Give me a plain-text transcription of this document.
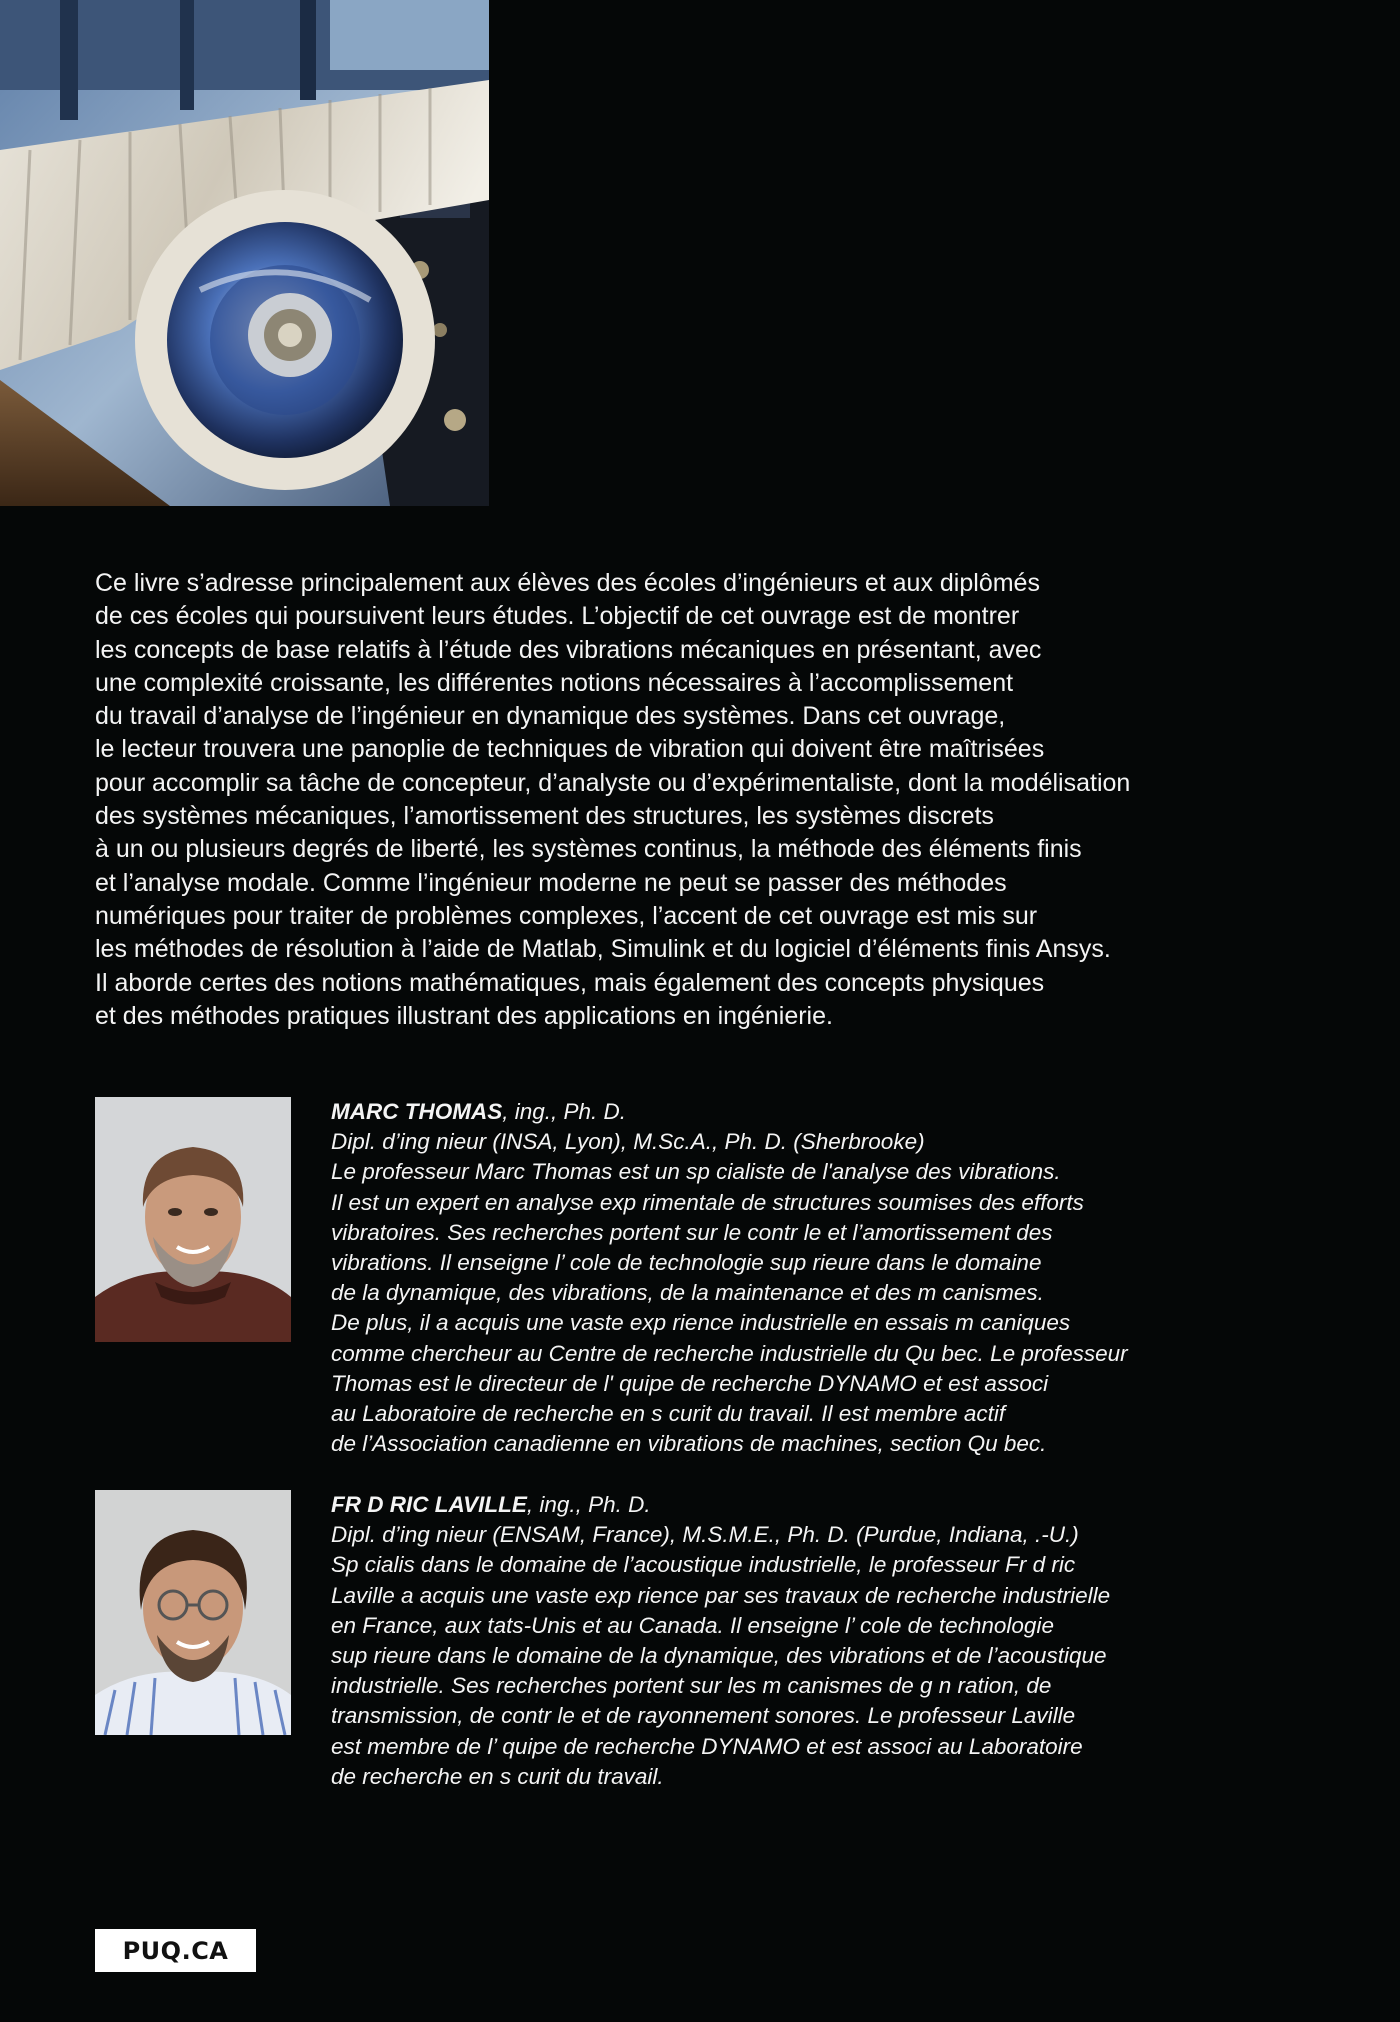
Ce livre s’adresse principalement aux élèves des écoles d’ingénieurs et aux diplômés
de ces écoles qui poursuivent leurs études. L’objectif de cet ouvrage est de montrer
les concepts de base relatifs à l’étude des vibrations mécaniques en présentant, avec
une complexité croissante, les différentes notions nécessaires à l’accomplissement
du travail d’analyse de l’ingénieur en dynamique des systèmes. Dans cet ouvrage,
le lecteur trouvera une panoplie de techniques de vibration qui doivent être maîtrisées
pour accomplir sa tâche de concepteur, d’analyste ou d’expérimentaliste, dont la modélisation
des systèmes mécaniques, l’amortissement des structures, les systèmes discrets
à un ou plusieurs degrés de liberté, les systèmes continus, la méthode des éléments finis
et l’analyse modale. Comme l’ingénieur moderne ne peut se passer des méthodes
numériques pour traiter de problèmes complexes, l’accent de cet ouvrage est mis sur
les méthodes de résolution à l’aide de Matlab, Simulink et du logiciel d’éléments finis Ansys.
Il aborde certes des notions mathématiques, mais également des concepts physiques
et des méthodes pratiques illustrant des applications en ingénierie.
MARC THOMAS, ing., Ph. D.
Dipl. d’ing nieur (INSA, Lyon), M.Sc.A., Ph. D. (Sherbrooke)
Le professeur Marc Thomas est un sp cialiste de l'analyse des vibrations.
Il est un expert en analyse exp rimentale de structures soumises des efforts
vibratoires. Ses recherches portent sur le contr le et l’amortissement des
vibrations. Il enseigne l’ cole de technologie sup rieure dans le domaine
de la dynamique, des vibrations, de la maintenance et des m canismes.
De plus, il a acquis une vaste exp rience industrielle en essais m caniques
comme chercheur au Centre de recherche industrielle du Qu bec. Le professeur
Thomas est le directeur de l' quipe de recherche DYNAMO et est associ
au Laboratoire de recherche en s curit du travail. Il est membre actif
de l’Association canadienne en vibrations de machines, section Qu bec.
FR D RIC LAVILLE, ing., Ph. D.
Dipl. d’ing nieur (ENSAM, France), M.S.M.E., Ph. D. (Purdue, Indiana, .-U.)
Sp cialis dans le domaine de l’acoustique industrielle, le professeur Fr d ric
Laville a acquis une vaste exp rience par ses travaux de recherche industrielle
en France, aux tats-Unis et au Canada. Il enseigne l’ cole de technologie
sup rieure dans le domaine de la dynamique, des vibrations et de l’acoustique
industrielle. Ses recherches portent sur les m canismes de g n ration, de
transmission, de contr le et de rayonnement sonores. Le professeur Laville
est membre de l’ quipe de recherche DYNAMO et est associ au Laboratoire
de recherche en s curit du travail.
PUQ.CA
